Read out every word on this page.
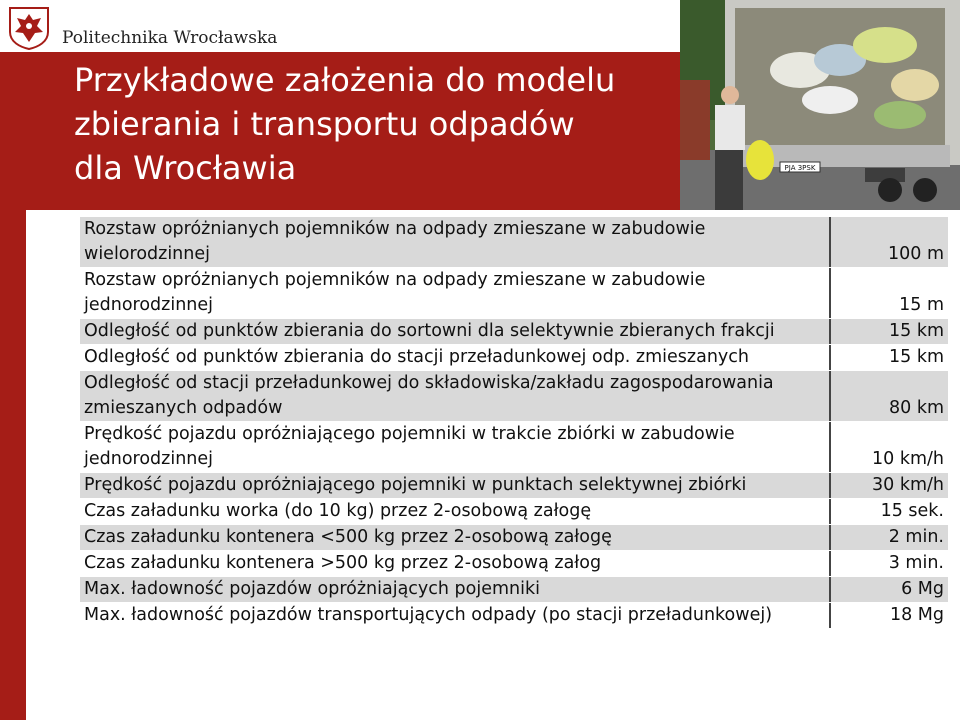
Politechnika Wrocławska
Przykładowe założenia do modelu
zbierania i transportu odpadów
dla Wrocławia	PJA 3PSK
Rozstaw opróżnianych pojemników na odpady zmieszane w zabudowie wielorodzinnej	100 m
Rozstaw opróżnianych pojemników na odpady zmieszane w zabudowie jednorodzinnej	15 m
Odległość od punktów zbierania do sortowni dla selektywnie zbieranych frakcji	15 km
Odległość od punktów zbierania do stacji przeładunkowej odp. zmieszanych	15 km
Odległość od stacji przeładunkowej do składowiska/zakładu zagospodarowania zmieszanych odpadów	80 km
Prędkość pojazdu opróżniającego pojemniki w trakcie zbiórki w zabudowie jednorodzinnej	10 km/h
Prędkość pojazdu opróżniającego pojemniki w punktach selektywnej zbiórki	30 km/h
Czas załadunku worka (do 10 kg) przez 2-osobową załogę	15 sek.
Czas załadunku kontenera <500 kg przez 2-osobową załogę	2 min.
Czas załadunku kontenera >500 kg przez 2-osobową załog	3 min.
Max. ładowność pojazdów opróżniających pojemniki	6 Mg
Max. ładowność pojazdów transportujących odpady (po stacji przeładunkowej)	18 Mg
